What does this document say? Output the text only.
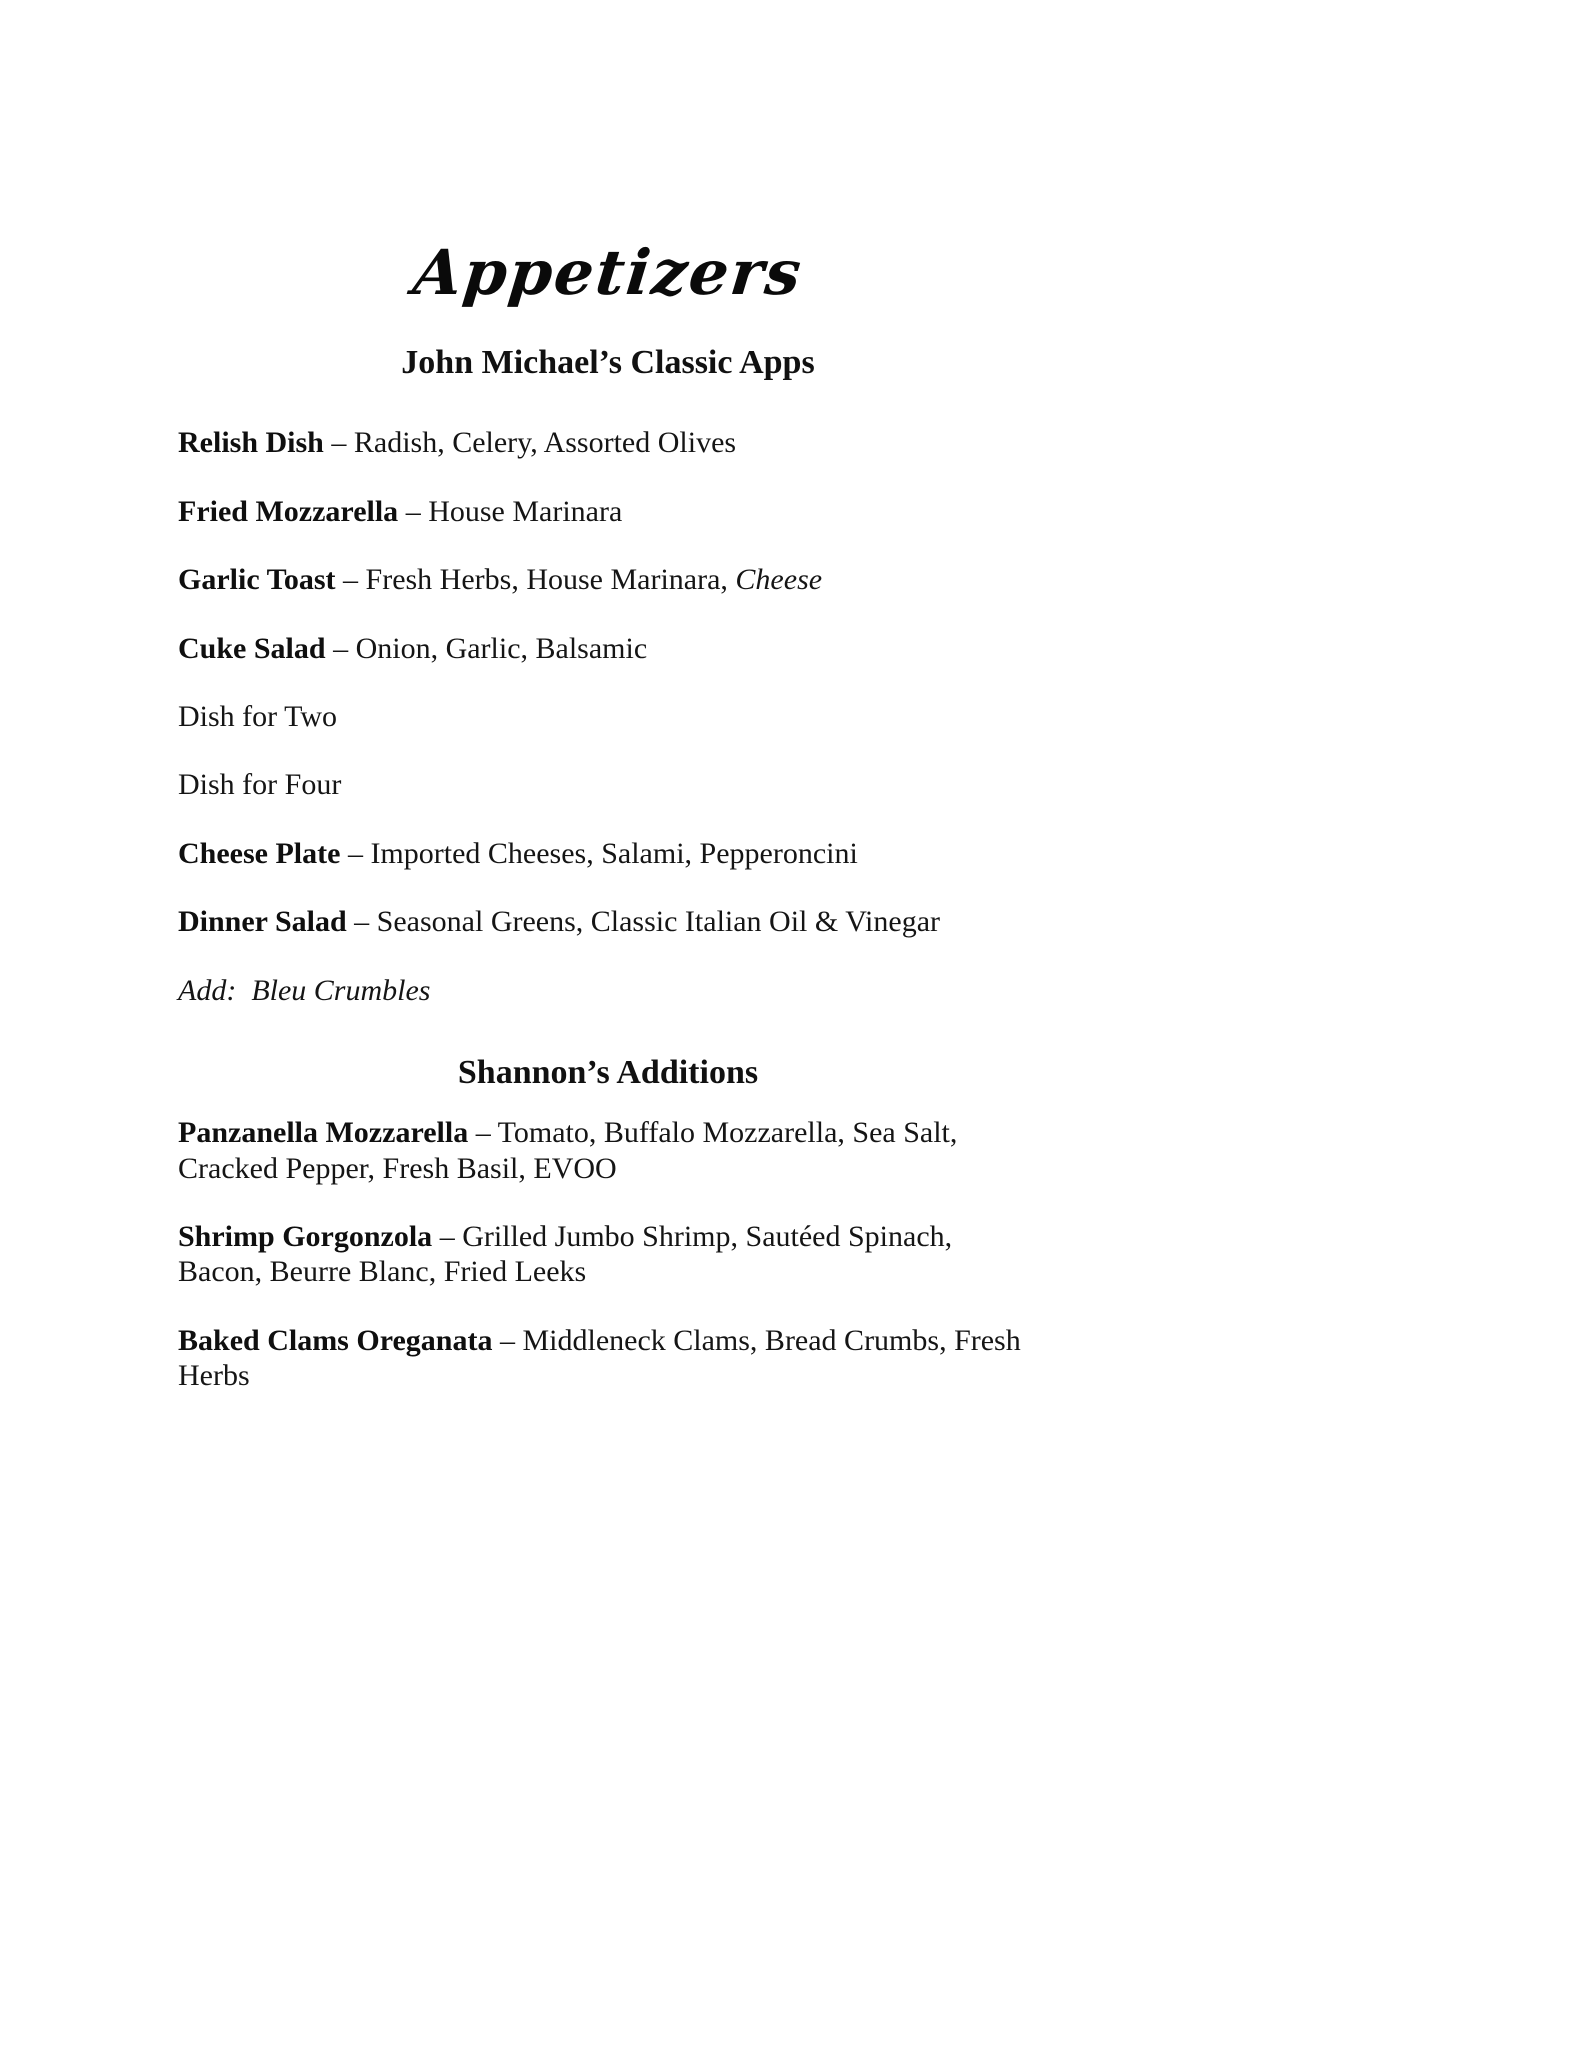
Appetizers
John Michael’s Classic Apps

Relish Dish – Radish, Celery, Assorted Olives

Fried Mozzarella – House Marinara

Garlic Toast – Fresh Herbs, House Marinara, Cheese

Cuke Salad – Onion, Garlic, Balsamic

Dish for Two

Dish for Four

Cheese Plate – Imported Cheeses, Salami, Pepperoncini

Dinner Salad – Seasonal Greens, Classic Italian Oil & Vinegar

Add:  Bleu Crumbles

Shannon’s Additions

Panzanella Mozzarella – Tomato, Buffalo Mozzarella, Sea Salt, Cracked Pepper, Fresh Basil, EVOO

Shrimp Gorgonzola – Grilled Jumbo Shrimp, Sautéed Spinach, Bacon, Beurre Blanc, Fried Leeks

Baked Clams Oreganata – Middleneck Clams, Bread Crumbs, Fresh Herbs
